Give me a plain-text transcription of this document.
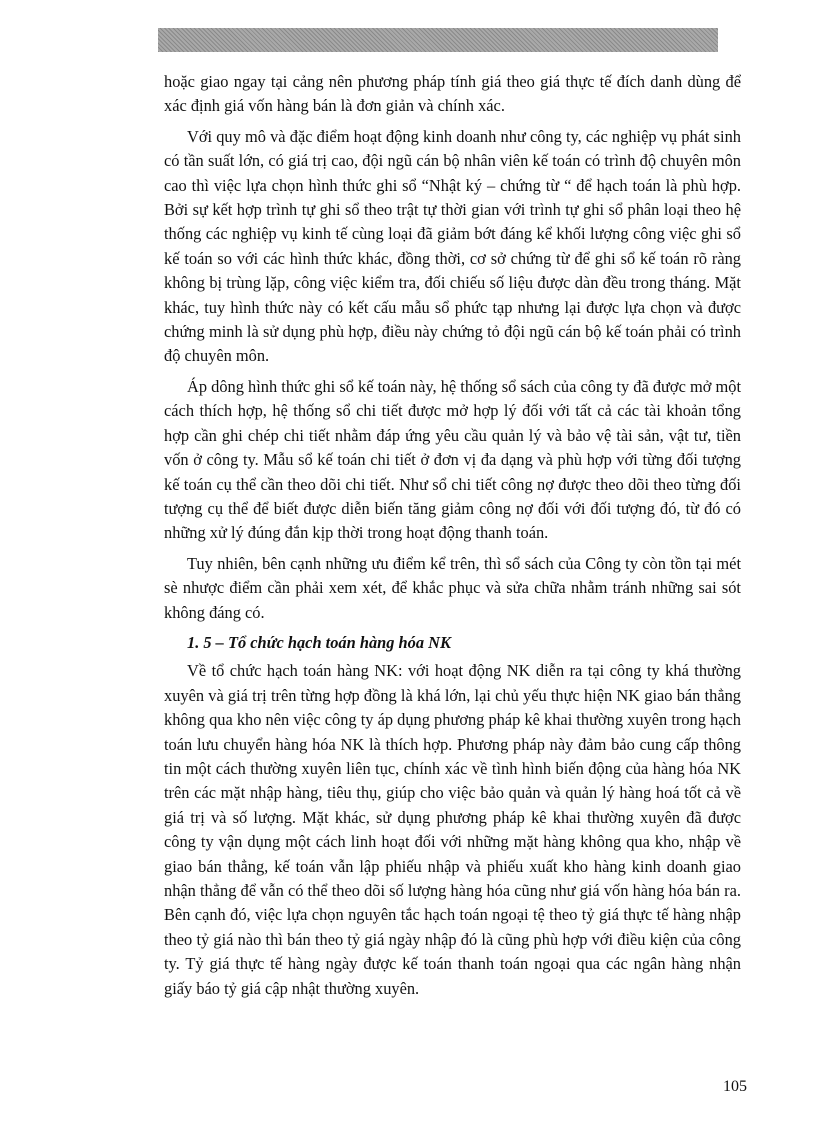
hoặc giao ngay tại cảng nên phương pháp tính giá theo giá thực tế đích danh dùng để xác định giá vốn hàng bán là đơn giản và chính xác.

Với quy mô và đặc điểm hoạt động kinh doanh như công ty, các nghiệp vụ phát sinh có tần suất lớn, có giá trị cao, đội ngũ cán bộ nhân viên kế toán có trình độ chuyên môn cao thì việc lựa chọn hình thức ghi sổ “Nhật ký – chứng từ “ để hạch toán là phù hợp. Bởi sự kết hợp trình tự ghi sổ theo trật tự thời gian với trình tự ghi sổ phân loại theo hệ thống các nghiệp vụ kinh tế cùng loại đã giảm bớt đáng kể khối lượng công việc ghi sổ kế toán so với các hình thức khác, đồng thời, cơ sở chứng từ để ghi sổ kế toán rõ ràng không bị trùng lặp, công việc kiểm tra, đối chiếu số liệu được dàn đều trong tháng. Mặt khác, tuy hình thức này có kết cấu mẫu sổ phức tạp nhưng lại được lựa chọn và được chứng minh là sử dụng phù hợp, điều này chứng tỏ đội ngũ cán bộ kế toán phải có trình độ chuyên môn.

Áp dông hình thức ghi sổ kế toán này, hệ thống sổ sách của công ty đã được mở một cách thích hợp, hệ thống sổ chi tiết được mở hợp lý đối với tất cả các tài khoản tổng hợp cần ghi chép chi tiết nhằm đáp ứng yêu cầu quản lý và bảo vệ tài sản, vật tư, tiền vốn ở công ty. Mẫu sổ kế toán chi tiết ở đơn vị đa dạng và phù hợp với từng đối tượng kế toán cụ thể cần theo dõi chi tiết. Như sổ chi tiết công nợ được theo dõi theo từng đối tượng cụ thể để biết được diễn biến tăng giảm công nợ đối với đối tượng đó, từ đó có những xử lý đúng đắn kịp thời trong hoạt động thanh toán.

Tuy nhiên, bên cạnh những ưu điểm kể trên, thì sổ sách của Công ty còn tồn tại mét sè nhược điểm cần phải xem xét, để khắc phục và sửa chữa nhằm tránh những sai sót không đáng có.

1. 5 – Tổ chức hạch toán hàng hóa NK

Về tổ chức hạch toán hàng NK: với hoạt động NK diễn ra tại công ty khá thường xuyên và giá trị trên từng hợp đồng là khá lớn, lại chủ yếu thực hiện NK giao bán thẳng không qua kho nên việc công ty áp dụng phương pháp kê khai thường xuyên trong hạch toán lưu chuyển hàng hóa NK là thích hợp. Phương pháp này đảm bảo cung cấp thông tin một cách thường xuyên liên tục, chính xác về tình hình biến động của hàng hóa NK trên các mặt nhập hàng, tiêu thụ, giúp cho việc bảo quản và quản lý hàng hoá tốt cả về giá trị và số lượng. Mặt khác, sử dụng phương pháp kê khai thường xuyên đã được công ty vận dụng một cách linh hoạt đối với những mặt hàng không qua kho, nhập về giao bán thẳng, kế toán vẫn lập phiếu nhập và phiếu xuất kho hàng kinh doanh giao nhận thẳng để vẫn có thể theo dõi số lượng hàng hóa cũng như giá vốn hàng hóa bán ra. Bên cạnh đó, việc lựa chọn nguyên tắc hạch toán ngoại tệ theo tỷ giá thực tế hàng nhập theo tỷ giá nào thì bán theo tỷ giá ngày nhập đó là cũng phù hợp với điều kiện của công ty. Tỷ giá thực tế hàng ngày được kế toán thanh toán ngoại qua các ngân hàng nhận giấy báo tỷ giá cập nhật thường xuyên.

105
